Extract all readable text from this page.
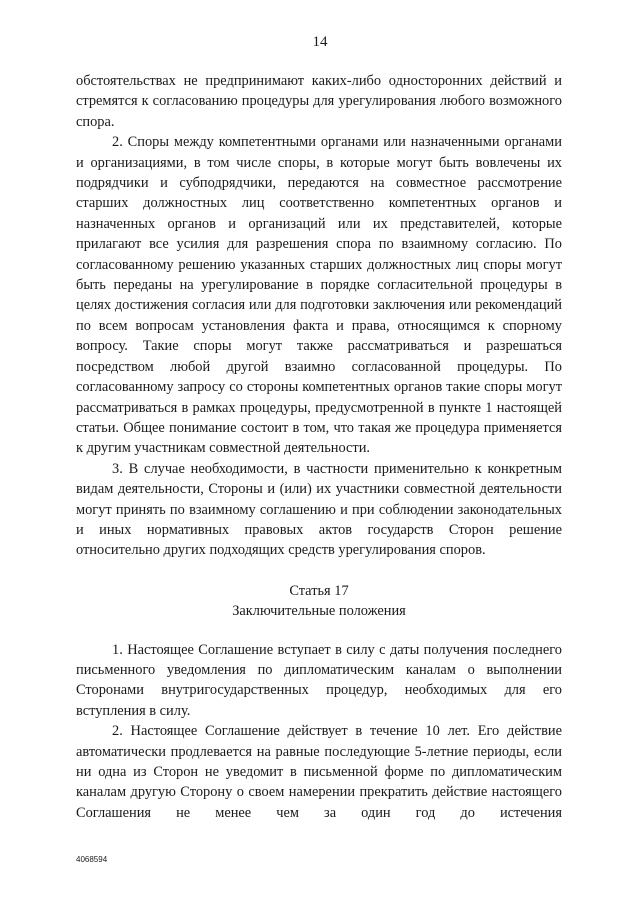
14

обстоятельствах не предпринимают каких-либо односторонних действий и стремятся к согласованию процедуры для урегулирования любого возможного спора.

2. Споры между компетентными органами или назначенными органами и организациями, в том числе споры, в которые могут быть вовлечены их подрядчики и субподрядчики, передаются на совместное рассмотрение старших должностных лиц соответственно компетентных органов и назначенных органов и организаций или их представителей, которые прилагают все усилия для разрешения спора по взаимному согласию. По согласованному решению указанных старших должностных лиц споры могут быть переданы на урегулирование в порядке согласительной процедуры в целях достижения согласия или для подготовки заключения или рекомендаций по всем вопросам установления факта и права, относящимся к спорному вопросу. Такие споры могут также рассматриваться и разрешаться посредством любой другой взаимно согласованной процедуры. По согласованному запросу со стороны компетентных органов такие споры могут рассматриваться в рамках процедуры, предусмотренной в пункте 1 настоящей статьи. Общее понимание состоит в том, что такая же процедура применяется к другим участникам совместной деятельности.

3. В случае необходимости, в частности применительно к конкретным видам деятельности, Стороны и (или) их участники совместной деятельности могут принять по взаимному соглашению и при соблюдении законодательных и иных нормативных правовых актов государств Сторон решение относительно других подходящих средств урегулирования споров.

Статья 17
Заключительные положения

1. Настоящее Соглашение вступает в силу с даты получения последнего письменного уведомления по дипломатическим каналам о выполнении Сторонами внутригосударственных процедур, необходимых для его вступления в силу.

2. Настоящее Соглашение действует в течение 10 лет. Его действие автоматически продлевается на равные последующие 5-летние периоды, если ни одна из Сторон не уведомит в письменной форме по дипломатическим каналам другую Сторону о своем намерении прекратить действие настоящего Соглашения не менее чем за один год до истечения

4068594
